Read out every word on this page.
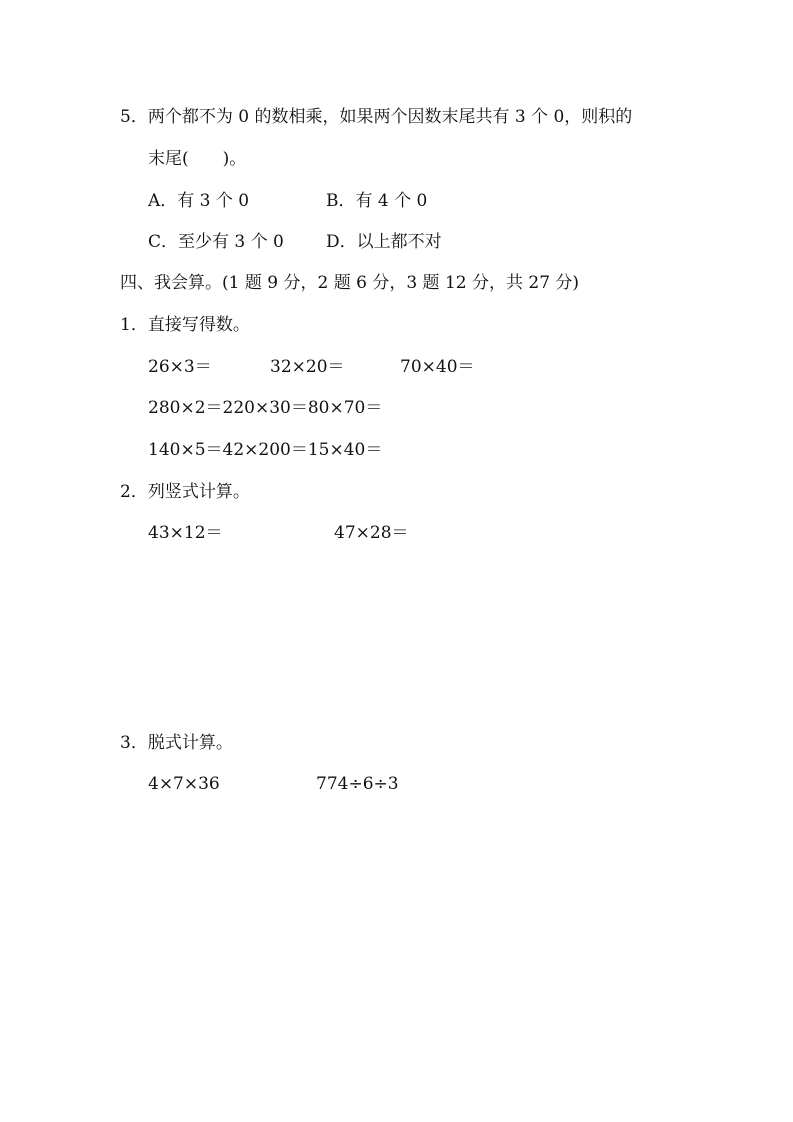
5．两个都不为 0 的数相乘，如果两个因数末尾共有 3 个 0，则积的
末尾(　　)。
A．有 3 个 0	B．有 4 个 0
C．至少有 3 个 0 D．以上都不对
四、我会算。(1 题 9 分，2 题 6 分，3 题 12 分，共 27 分)
1．直接写得数。
26×3＝	32×20＝	70×40＝
280×2＝220×30＝80×70＝
140×5＝42×200＝15×40＝
2．列竖式计算。
43×12＝	47×28＝
3．脱式计算。
4×7×36	774÷6÷3
